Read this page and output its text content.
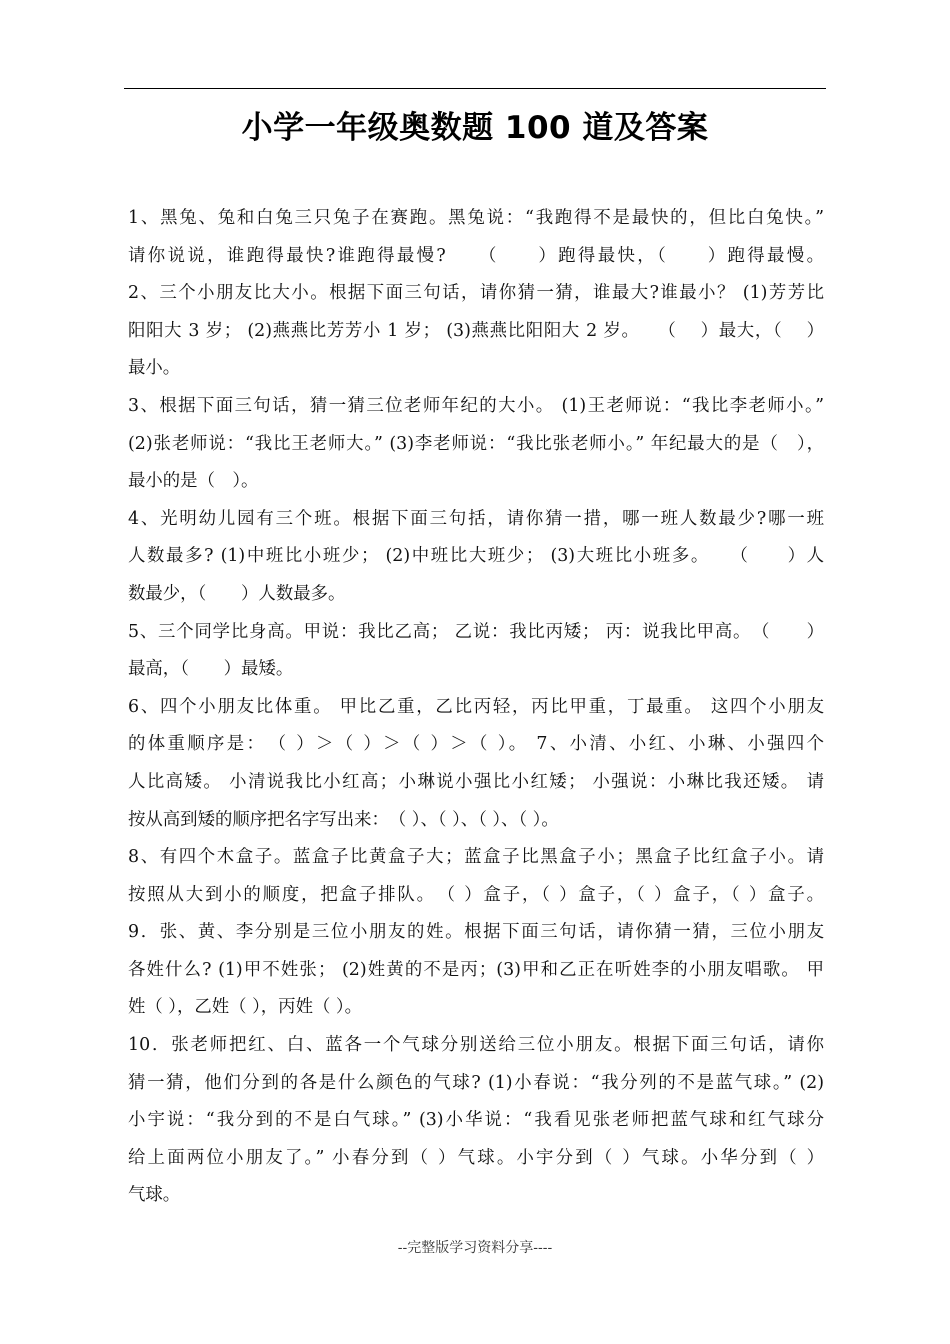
小学一年级奥数题 100 道及答案
1、黑兔、兔和白兔三只兔子在赛跑。黑兔说：“我跑得不是最快的，但比白兔快。”
请你说说，谁跑得最快?谁跑得最慢?　　（　　）跑得最快，（　　）跑得最慢。
2、三个小朋友比大小。根据下面三句话，请你猜一猜，谁最大?谁最小？ (1)芳芳比
阳阳大 3 岁； (2)燕燕比芳芳小 1 岁； (3)燕燕比阳阳大 2 岁。　　（　 ）最大，（　 ）
最小。
3、根据下面三句话，猜一猜三位老师年纪的大小。 (1)王老师说：“我比李老师小。”
(2)张老师说：“我比王老师大。” (3)李老师说：“我比张老师小。” 年纪最大的是（　），
最小的是（　）。
4、光明幼儿园有三个班。根据下面三句括，请你猜一措，哪一班人数最少?哪一班
人数最多? (1)中班比小班少； (2)中班比大班少； (3)大班比小班多。　　（　　）人
数最少，（　　）人数最多。
5、三个同学比身高。甲说：我比乙高； 乙说：我比丙矮； 丙：说我比甲高。　（　　）
最高，（　　）最矮。
6、四个小朋友比体重。 甲比乙重，乙比丙轻，丙比甲重，丁最重。 这四个小朋友
的体重顺序是：　（ ）＞（ ）＞（ ）＞（ ）。 7、小清、小红、小琳、小强四个
人比高矮。 小清说我比小红高；小琳说小强比小红矮； 小强说：小琳比我还矮。 请
按从高到矮的顺序把名字写出来：　（ ）、（ ）、（ ）、（ ）。
8、有四个木盒子。蓝盒子比黄盒子大；蓝盒子比黑盒子小；黑盒子比红盒子小。请
按照从大到小的顺度，把盒子排队。　（ ）盒子，（ ）盒子，（ ）盒子，（ ）盒子。
9．张、黄、李分别是三位小朋友的姓。根据下面三句话，请你猜一猜，三位小朋友
各姓什么? (1)甲不姓张； (2)姓黄的不是丙；(3)甲和乙正在听姓李的小朋友唱歌。 甲
姓（ ），乙姓（ ），丙姓（ ）。
10．张老师把红、白、蓝各一个气球分别送给三位小朋友。根据下面三句话，请你
猜一猜，他们分到的各是什么颜色的气球? (1)小春说：“我分列的不是蓝气球。” (2)
小宇说：“我分到的不是白气球。” (3)小华说：“我看见张老师把蓝气球和红气球分
给上面两位小朋友了。” 小春分到（ ）气球。小宇分到（ ）气球。小华分到（ ）
气球。
--完整版学习资料分享----
